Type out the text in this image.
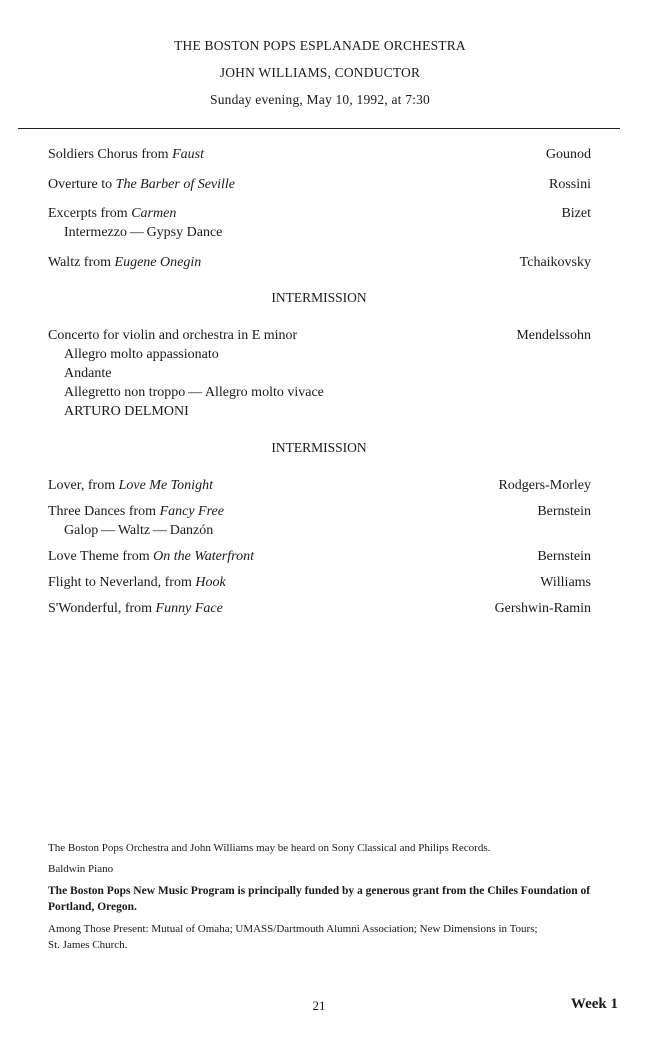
THE BOSTON POPS ESPLANADE ORCHESTRA
JOHN WILLIAMS, CONDUCTOR
Sunday evening, May 10, 1992, at 7:30
Soldiers Chorus from Faust	Gounod
Overture to The Barber of Seville	Rossini
Excerpts from Carmen	Bizet
Intermezzo — Gypsy Dance
Waltz from Eugene Onegin	Tchaikovsky
INTERMISSION
Concerto for violin and orchestra in E minor	Mendelssohn
Allegro molto appassionato
Andante
Allegretto non troppo — Allegro molto vivace
ARTURO DELMONI
INTERMISSION
Lover, from Love Me Tonight	Rodgers-Morley
Three Dances from Fancy Free	Bernstein
Galop — Waltz — Danzón
Love Theme from On the Waterfront	Bernstein
Flight to Neverland, from Hook	Williams
S'Wonderful, from Funny Face	Gershwin-Ramin
The Boston Pops Orchestra and John Williams may be heard on Sony Classical and Philips Records.
Baldwin Piano
The Boston Pops New Music Program is principally funded by a generous grant from the Chiles Foundation of Portland, Oregon.
Among Those Present: Mutual of Omaha; UMASS/Dartmouth Alumni Association; New Dimensions in Tours; St. James Church.
21	Week 1
